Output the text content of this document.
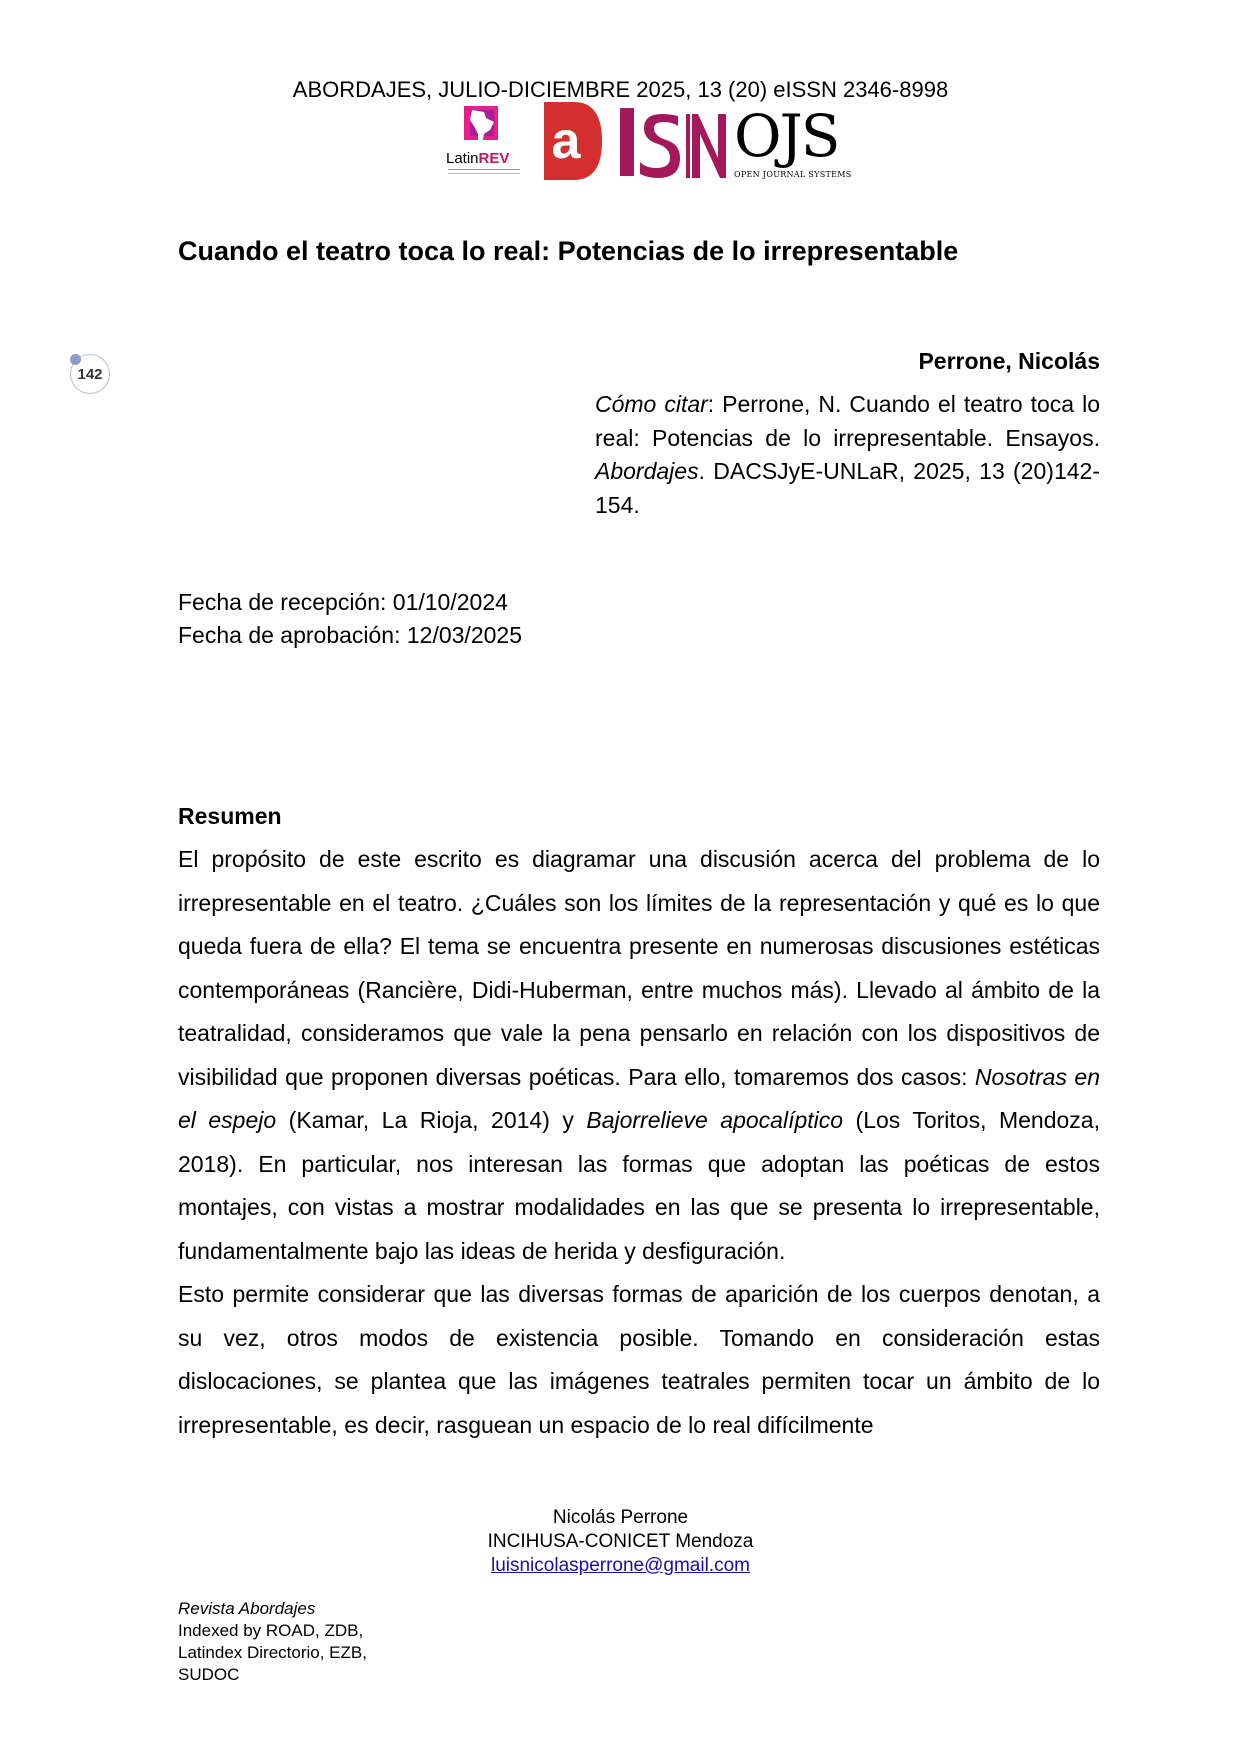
ABORDAJES, JULIO-DICIEMBRE 2025, 13 (20) eISSN 2346-8998
LatinREV a	OJS
OPEN JOURNAL SYSTEMS
Cuando el teatro toca lo real: Potencias de lo irrepresentable
142	Perrone, Nicolás
Cómo citar: Perrone, N. Cuando el teatro toca lo real: Potencias de lo irrepresentable. Ensayos. Abordajes. DACSJyE-UNLaR, 2025, 13 (20)142-154.
Fecha de recepción: 01/10/2024
Fecha de aprobación: 12/03/2025
Resumen

El propósito de este escrito es diagramar una discusión acerca del problema de lo irrepresentable en el teatro. ¿Cuáles son los límites de la representación y qué es lo que queda fuera de ella? El tema se encuentra presente en numerosas discusiones estéticas contemporáneas (Rancière, Didi-Huberman, entre muchos más). Llevado al ámbito de la teatralidad, consideramos que vale la pena pensarlo en relación con los dispositivos de visibilidad que proponen diversas poéticas. Para ello, tomaremos dos casos: Nosotras en el espejo (Kamar, La Rioja, 2014) y Bajorrelieve apocalíptico (Los Toritos, Mendoza, 2018). En particular, nos interesan las formas que adoptan las poéticas de estos montajes, con vistas a mostrar modalidades en las que se presenta lo irrepresentable, fundamentalmente bajo las ideas de herida y desfiguración.

Esto permite considerar que las diversas formas de aparición de los cuerpos denotan, a su vez, otros modos de existencia posible. Tomando en consideración estas dislocaciones, se plantea que las imágenes teatrales permiten tocar un ámbito de lo irrepresentable, es decir, rasguean un espacio de lo real difícilmente

Nicolás Perrone
INCIHUSA-CONICET Mendoza
luisnicolasperrone@gmail.com
Revista Abordajes
Indexed by ROAD, ZDB,
Latindex Directorio, EZB,
SUDOC
